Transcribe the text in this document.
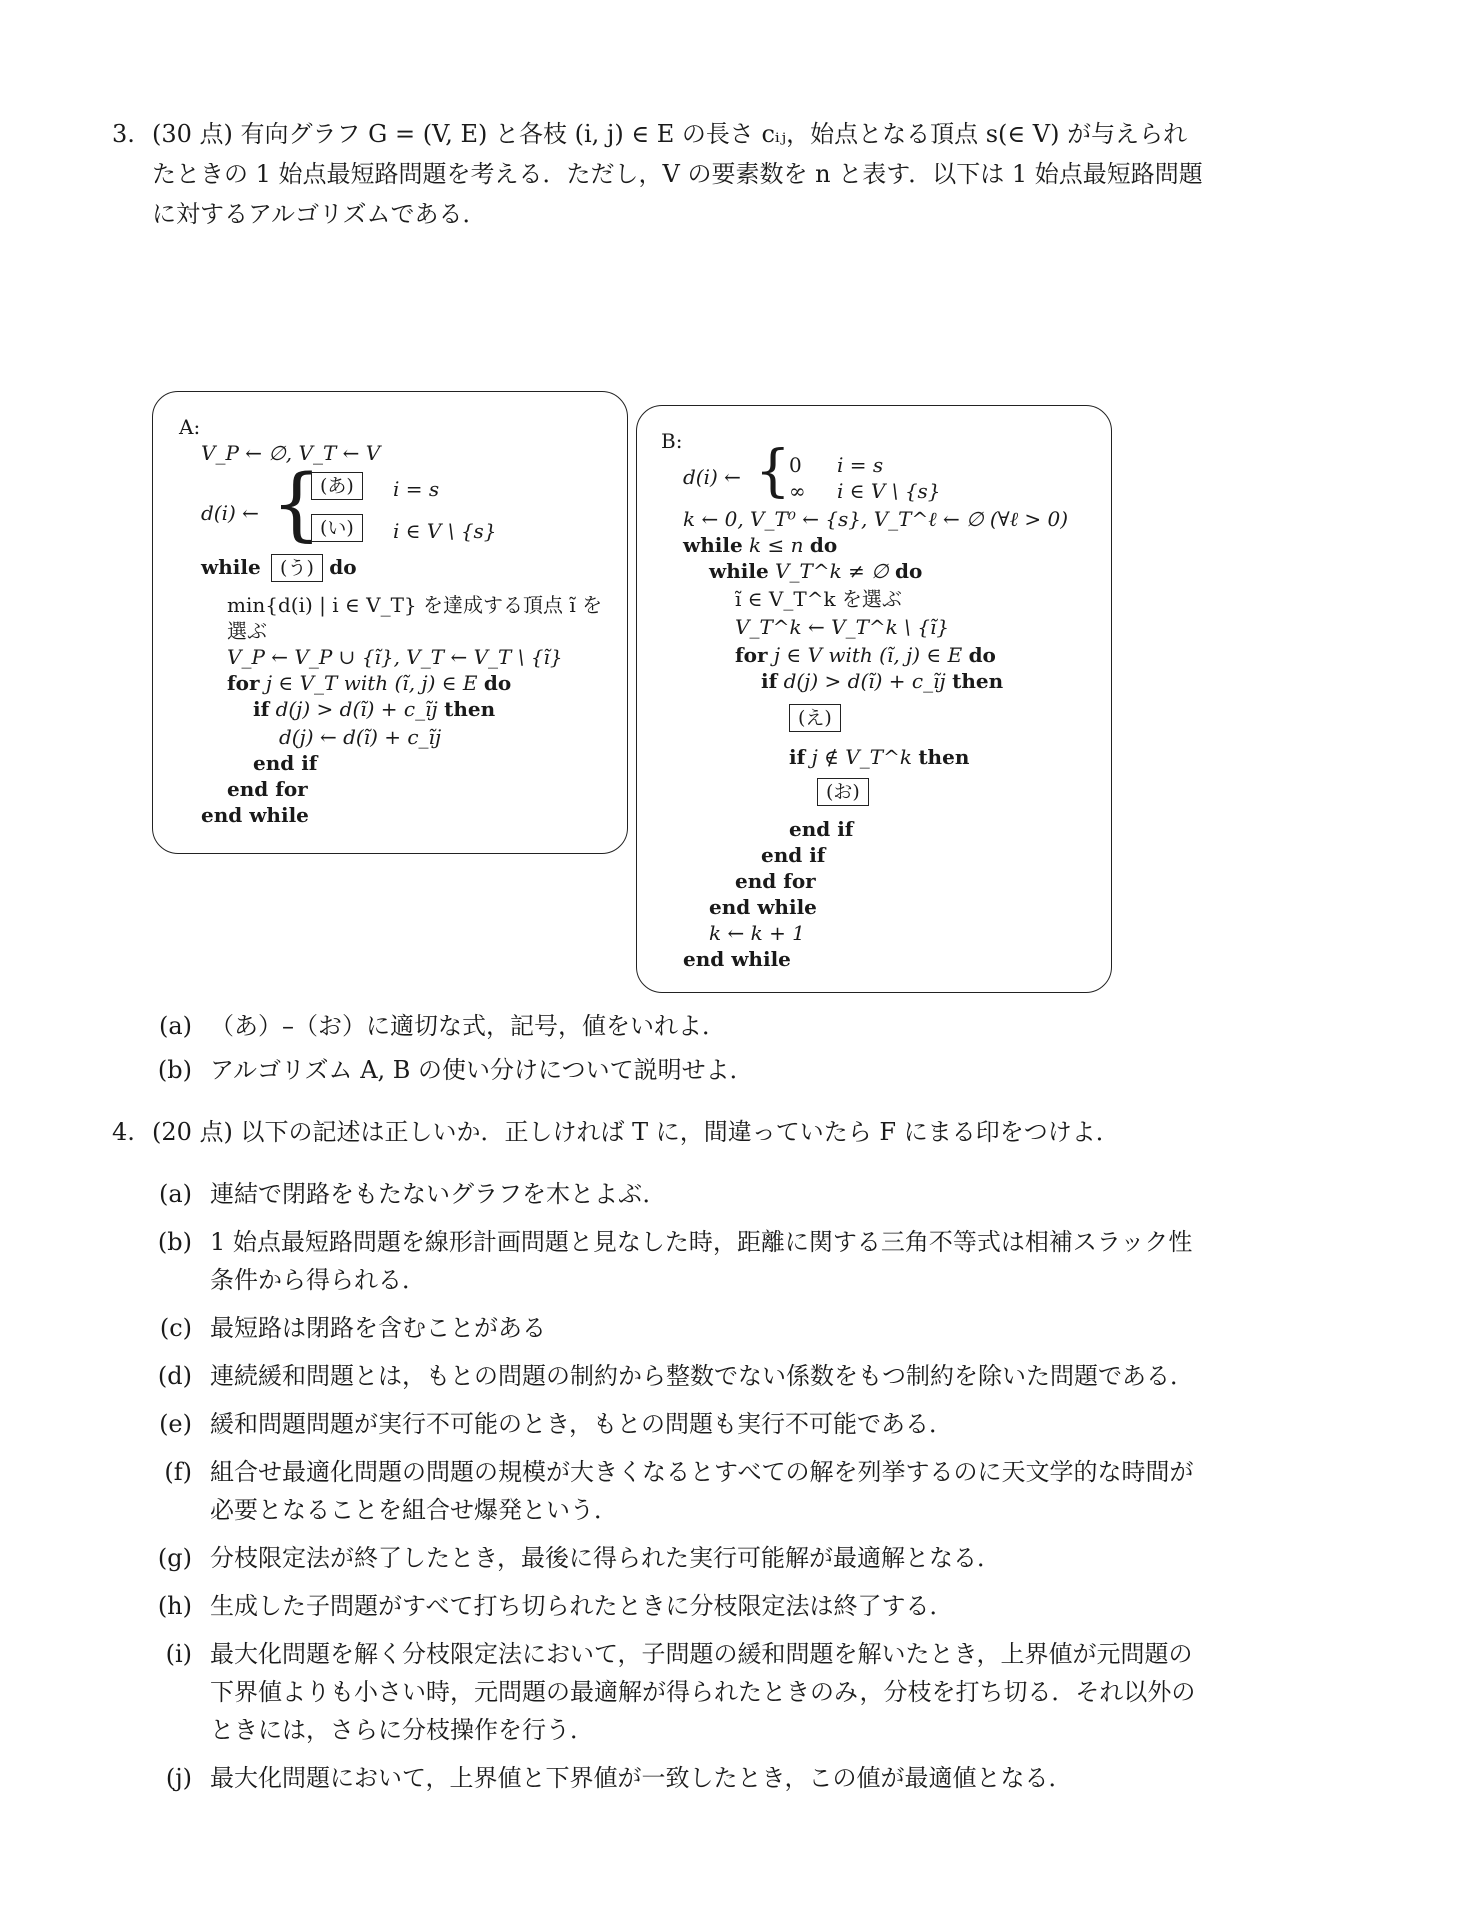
3. (30 点) 有向グラフ G = (V, E) と各枝 (i, j) ∈ E の長さ cᵢⱼ，始点となる頂点 s(∈ V) が与えられ
たときの 1 始点最短路問題を考える．ただし，V の要素数を n と表す．以下は 1 始点最短路問題
に対するアルゴリズムである．
A:
V_P ← ∅, V_T ← V
d(i) ← {
(あ)	i = s
(い)	i ∈ V \ {s}
while (う) do
min{d(i) | i ∈ V_T} を達成する頂点 ĩ を
選ぶ
V_P ← V_P ∪ {ĩ}, V_T ← V_T \ {ĩ}
for j ∈ V_T with (ĩ, j) ∈ E do
if d(j) > d(ĩ) + c_ĩj then
d(j) ← d(ĩ) + c_ĩj
end if
end for
end while
B:
d(i) ← {
0 i = s
∞ i ∈ V \ {s}
k ← 0, V_T⁰ ← {s}, V_T^ℓ ← ∅ (∀ℓ > 0)
while k ≤ n do
while V_T^k ≠ ∅ do
ĩ ∈ V_T^k を選ぶ
V_T^k ← V_T^k \ {ĩ}
for j ∈ V with (ĩ, j) ∈ E do
if d(j) > d(ĩ) + c_ĩj then
(え)
if j ∉ V_T^k then
(お)
end if
end if
end for
end while
k ← k + 1
end while
(a) （あ）–（お）に適切な式，記号，値をいれよ．
(b) アルゴリズム A, B の使い分けについて説明せよ．
4. (20 点) 以下の記述は正しいか．正しければ T に，間違っていたら F にまる印をつけよ．
(a) 連結で閉路をもたないグラフを木とよぶ．
(b) 1 始点最短路問題を線形計画問題と見なした時，距離に関する三角不等式は相補スラック性
条件から得られる．
(c) 最短路は閉路を含むことがある
(d) 連続緩和問題とは，もとの問題の制約から整数でない係数をもつ制約を除いた問題である．
(e) 緩和問題問題が実行不可能のとき，もとの問題も実行不可能である．
(f) 組合せ最適化問題の問題の規模が大きくなるとすべての解を列挙するのに天文学的な時間が
必要となることを組合せ爆発という．
(g) 分枝限定法が終了したとき，最後に得られた実行可能解が最適解となる．
(h) 生成した子問題がすべて打ち切られたときに分枝限定法は終了する．
(i) 最大化問題を解く分枝限定法において，子問題の緩和問題を解いたとき，上界値が元問題の
下界値よりも小さい時，元問題の最適解が得られたときのみ，分枝を打ち切る．それ以外の
ときには，さらに分枝操作を行う．
(j) 最大化問題において，上界値と下界値が一致したとき，この値が最適値となる．
